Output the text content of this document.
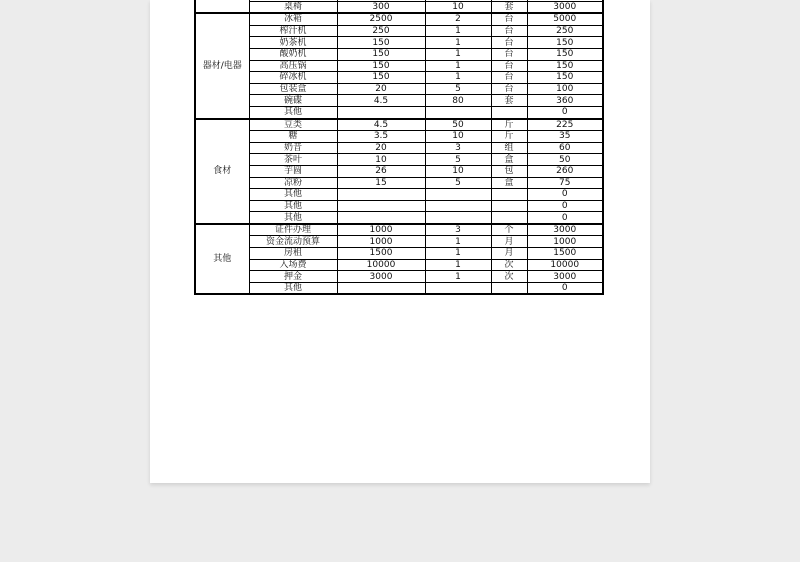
	桌椅	300	10	套	3000
器材/电器	冰箱	2500	2	台	5000
	榨汁机	250	1	台	250
	奶茶机	150	1	台	150
	酸奶机	150	1	台	150
	高压锅	150	1	台	150
	碎冰机	150	1	台	150
	包装盒	20	5	台	100
	碗碟	4.5	80	套	360
	其他				0
食材	豆类	4.5	50	斤	225
	糖	3.5	10	斤	35
	奶昔	20	3	组	60
	茶叶	10	5	盒	50
	芋圆	26	10	包	260
	凉粉	15	5	盒	75
	其他				0
	其他				0
	其他				0
其他	证件办理	1000	3	个	3000
	资金流动预算	1000	1	月	1000
	房租	1500	1	月	1500
	入场费	10000	1	次	10000
	押金	3000	1	次	3000
	其他				0
